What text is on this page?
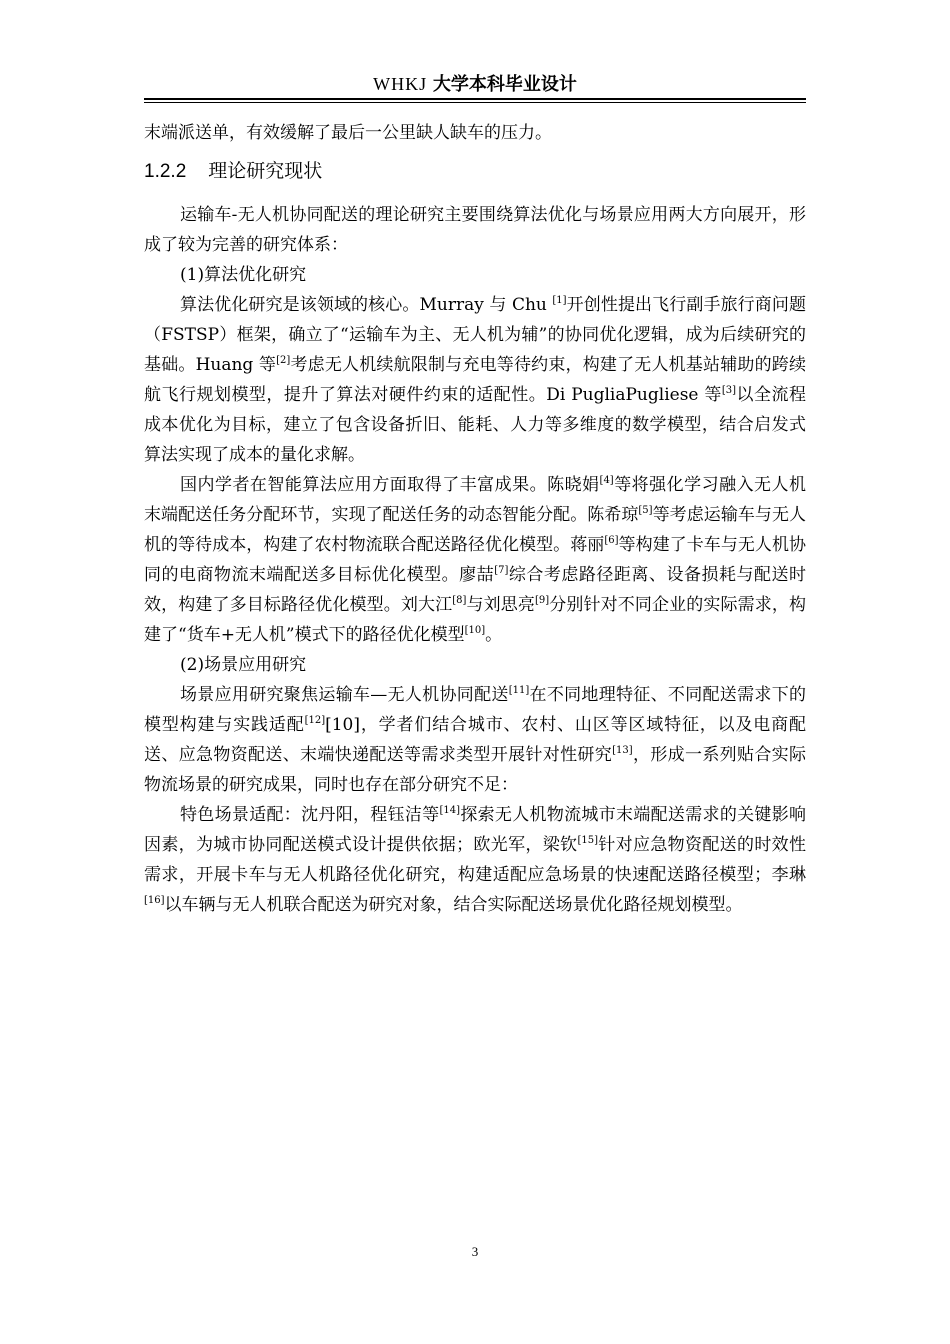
WHKJ 大学本科毕业设计

末端派送单，有效缓解了最后一公里缺人缺车的压力。

1.2.2 理论研究现状

运输车-无人机协同配送的理论研究主要围绕算法优化与场景应用两大方向展开，形成了较为完善的研究体系：

(1)算法优化研究

算法优化研究是该领域的核心。Murray 与 Chu [1]开创性提出飞行副手旅行商问题（FSTSP）框架，确立了“运输车为主、无人机为辅”的协同优化逻辑，成为后续研究的基础。Huang 等[2]考虑无人机续航限制与充电等待约束，构建了无人机基站辅助的跨续航飞行规划模型，提升了算法对硬件约束的适配性。Di PugliaPugliese 等[3]以全流程成本优化为目标，建立了包含设备折旧、能耗、人力等多维度的数学模型，结合启发式算法实现了成本的量化求解。

国内学者在智能算法应用方面取得了丰富成果。陈晓娟[4]等将强化学习融入无人机末端配送任务分配环节，实现了配送任务的动态智能分配。陈希琼[5]等考虑运输车与无人机的等待成本，构建了农村物流联合配送路径优化模型。蒋丽[6]等构建了卡车与无人机协同的电商物流末端配送多目标优化模型。廖喆[7]综合考虑路径距离、设备损耗与配送时效，构建了多目标路径优化模型。刘大江[8]与刘思亮[9]分别针对不同企业的实际需求，构建了“货车+无人机”模式下的路径优化模型[10]。

(2)场景应用研究

场景应用研究聚焦运输车—无人机协同配送[11]在不同地理特征、不同配送需求下的模型构建与实践适配[12][10]，学者们结合城市、农村、山区等区域特征，以及电商配送、应急物资配送、末端快递配送等需求类型开展针对性研究[13]，形成一系列贴合实际物流场景的研究成果，同时也存在部分研究不足：

特色场景适配：沈丹阳，程钰洁等[14]探索无人机物流城市末端配送需求的关键影响因素，为城市协同配送模式设计提供依据；欧光军，梁钦[15]针对应急物资配送的时效性需求，开展卡车与无人机路径优化研究，构建适配应急场景的快速配送路径模型；李琳[16]以车辆与无人机联合配送为研究对象，结合实际配送场景优化路径规划模型。

3
